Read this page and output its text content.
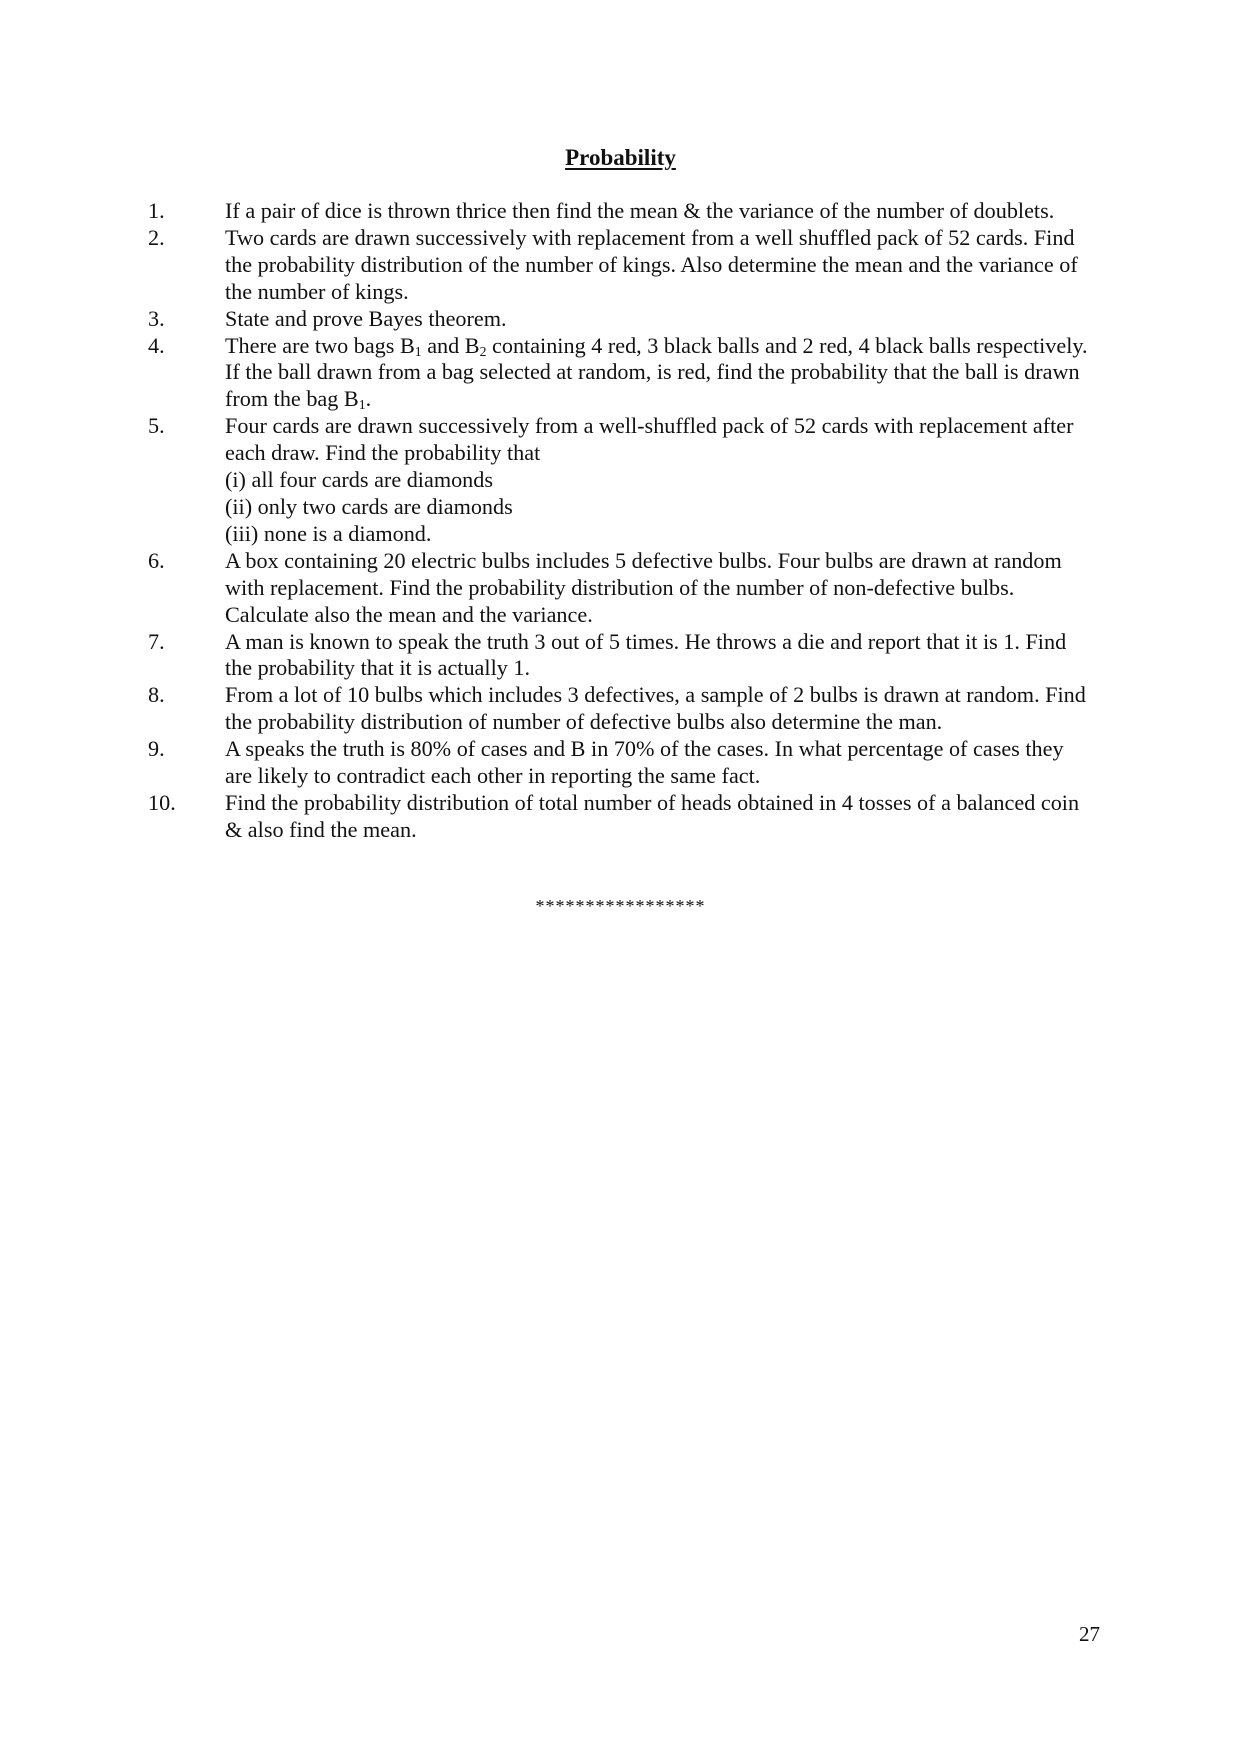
Probability
1.	If a pair of dice is thrown thrice then find the mean & the variance of the number of doublets.
2.	Two cards are drawn successively with replacement from a well shuffled pack of 52 cards. Find the probability distribution of the number of kings. Also determine the mean and the variance of the number of kings.
3.	State and prove Bayes theorem.
4.	There are two bags $B_1$ and $B_2$ containing 4 red, 3 black balls and 2 red, 4 black balls respectively. If the ball drawn from a bag selected at random, is red, find the probability that the ball is drawn from the bag $B_1$.
5.	Four cards are drawn successively from a well-shuffled pack of 52 cards with replacement after each draw. Find the probability that
(i) all four cards are diamonds
(ii) only two cards are diamonds
(iii) none is a diamond.
6.	A box containing 20 electric bulbs includes 5 defective bulbs. Four bulbs are drawn at random with replacement. Find the probability distribution of the number of non-defective bulbs. Calculate also the mean and the variance.
7.	A man is known to speak the truth 3 out of 5 times. He throws a die and report that it is 1. Find the probability that it is actually 1.
8.	From a lot of 10 bulbs which includes 3 defectives, a sample of 2 bulbs is drawn at random. Find the probability distribution of number of defective bulbs also determine the man.
9.	A speaks the truth is 80% of cases and B in 70% of the cases. In what percentage of cases they are likely to contradict each other in reporting the same fact.
10. Find the probability distribution of total number of heads obtained in 4 tosses of a balanced coin & also find the mean.
*****************
27
